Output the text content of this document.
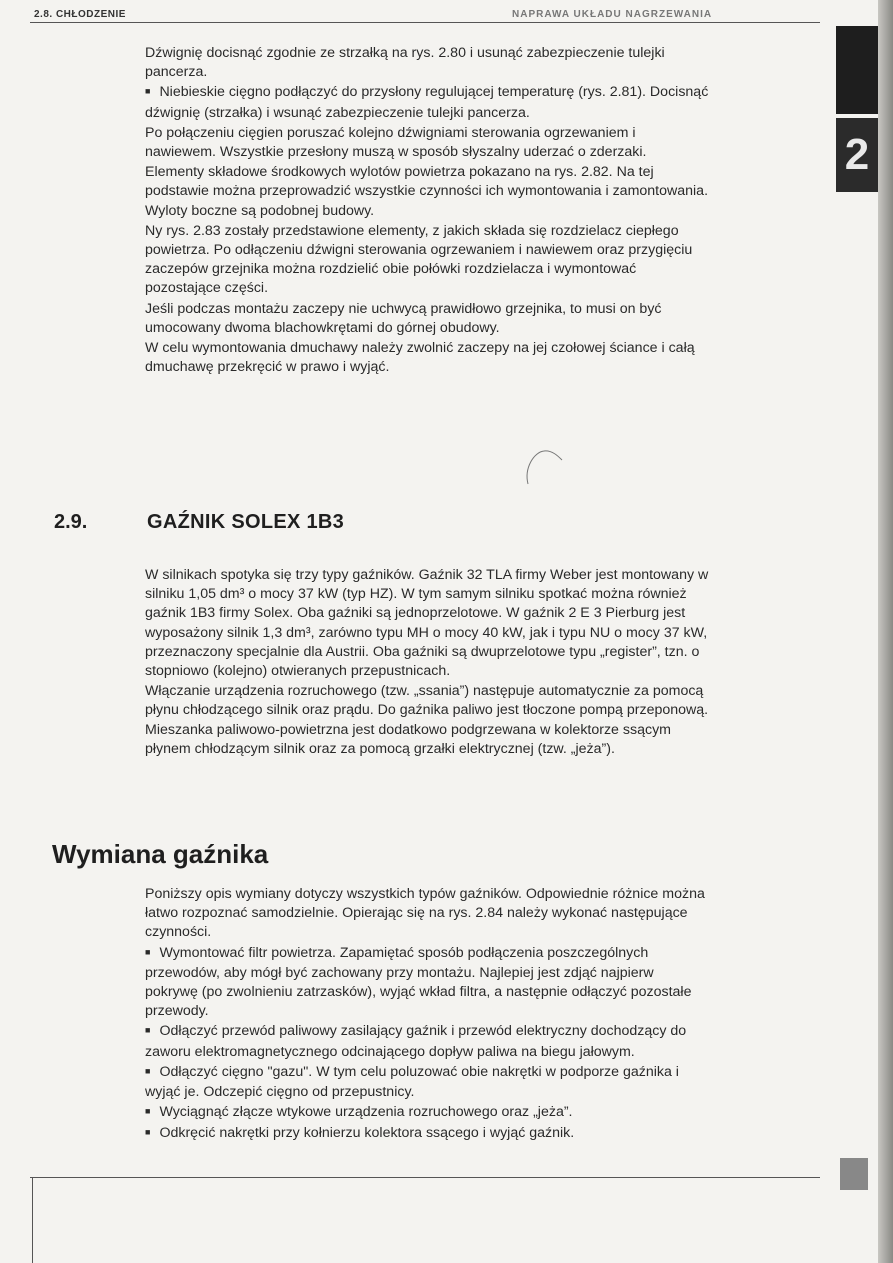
2.8. CHŁODZENIE	NAPRAWA UKŁADU NAGRZEWANIA
2

Dźwignię docisnąć zgodnie ze strzałką na rys. 2.80 i usunąć zabezpieczenie tulejki pancerza.

■ Niebieskie cięgno podłączyć do przysłony regulującej temperaturę (rys. 2.81). Docisnąć dźwignię (strzałka) i wsunąć zabezpieczenie tulejki pancerza.

Po połączeniu cięgien poruszać kolejno dźwigniami sterowania ogrzewaniem i nawiewem. Wszystkie przesłony muszą w sposób słyszalny uderzać o zderzaki.

Elementy składowe środkowych wylotów powietrza pokazano na rys. 2.82. Na tej podstawie można przeprowadzić wszystkie czynności ich wymontowania i zamontowania. Wyloty boczne są podobnej budowy.

Ny rys. 2.83 zostały przedstawione elementy, z jakich składa się rozdzielacz ciepłego powietrza. Po odłączeniu dźwigni sterowania ogrzewaniem i nawiewem oraz przygięciu zaczepów grzejnika można rozdzielić obie połówki rozdzielacza i wymontować pozostające części.

Jeśli podczas montażu zaczepy nie uchwycą prawidłowo grzejnika, to musi on być umocowany dwoma blachowkrętami do górnej obudowy.

W celu wymontowania dmuchawy należy zwolnić zaczepy na jej czołowej ściance i całą dmuchawę przekręcić w prawo i wyjąć.

2.9.	GAŹNIK SOLEX 1B3

W silnikach spotyka się trzy typy gaźników. Gaźnik 32 TLA firmy Weber jest montowany w silniku 1,05 dm³ o mocy 37 kW (typ HZ). W tym samym silniku spotkać można również gaźnik 1B3 firmy Solex. Oba gaźniki są jednoprzelotowe. W gaźnik 2 E 3 Pierburg jest wyposażony silnik 1,3 dm³, zarówno typu MH o mocy 40 kW, jak i typu NU o mocy 37 kW, przeznaczony specjalnie dla Austrii. Oba gaźniki są dwuprzelotowe typu „register”, tzn. o stopniowo (kolejno) otwieranych przepustnicach.

Włączanie urządzenia rozruchowego (tzw. „ssania”) następuje automatycznie za pomocą płynu chłodzącego silnik oraz prądu. Do gaźnika paliwo jest tłoczone pompą przeponową. Mieszanka paliwowo-powietrzna jest dodatkowo podgrzewana w kolektorze ssącym płynem chłodzącym silnik oraz za pomocą grzałki elektrycznej (tzw. „jeża”).

Wymiana gaźnika

Poniższy opis wymiany dotyczy wszystkich typów gaźników. Odpowiednie różnice można łatwo rozpoznać samodzielnie. Opierając się na rys. 2.84 należy wykonać następujące czynności.

■ Wymontować filtr powietrza. Zapamiętać sposób podłączenia poszczególnych przewodów, aby mógł być zachowany przy montażu. Najlepiej jest zdjąć najpierw pokrywę (po zwolnieniu zatrzasków), wyjąć wkład filtra, a następnie odłączyć pozostałe przewody.

■ Odłączyć przewód paliwowy zasilający gaźnik i przewód elektryczny dochodzący do zaworu elektromagnetycznego odcinającego dopływ paliwa na biegu jałowym.

■ Odłączyć cięgno "gazu". W tym celu poluzować obie nakrętki w podporze gaźnika i wyjąć je. Odczepić cięgno od przepustnicy.

■ Wyciągnąć złącze wtykowe urządzenia rozruchowego oraz „jeża”.

■ Odkręcić nakrętki przy kołnierzu kolektora ssącego i wyjąć gaźnik.
